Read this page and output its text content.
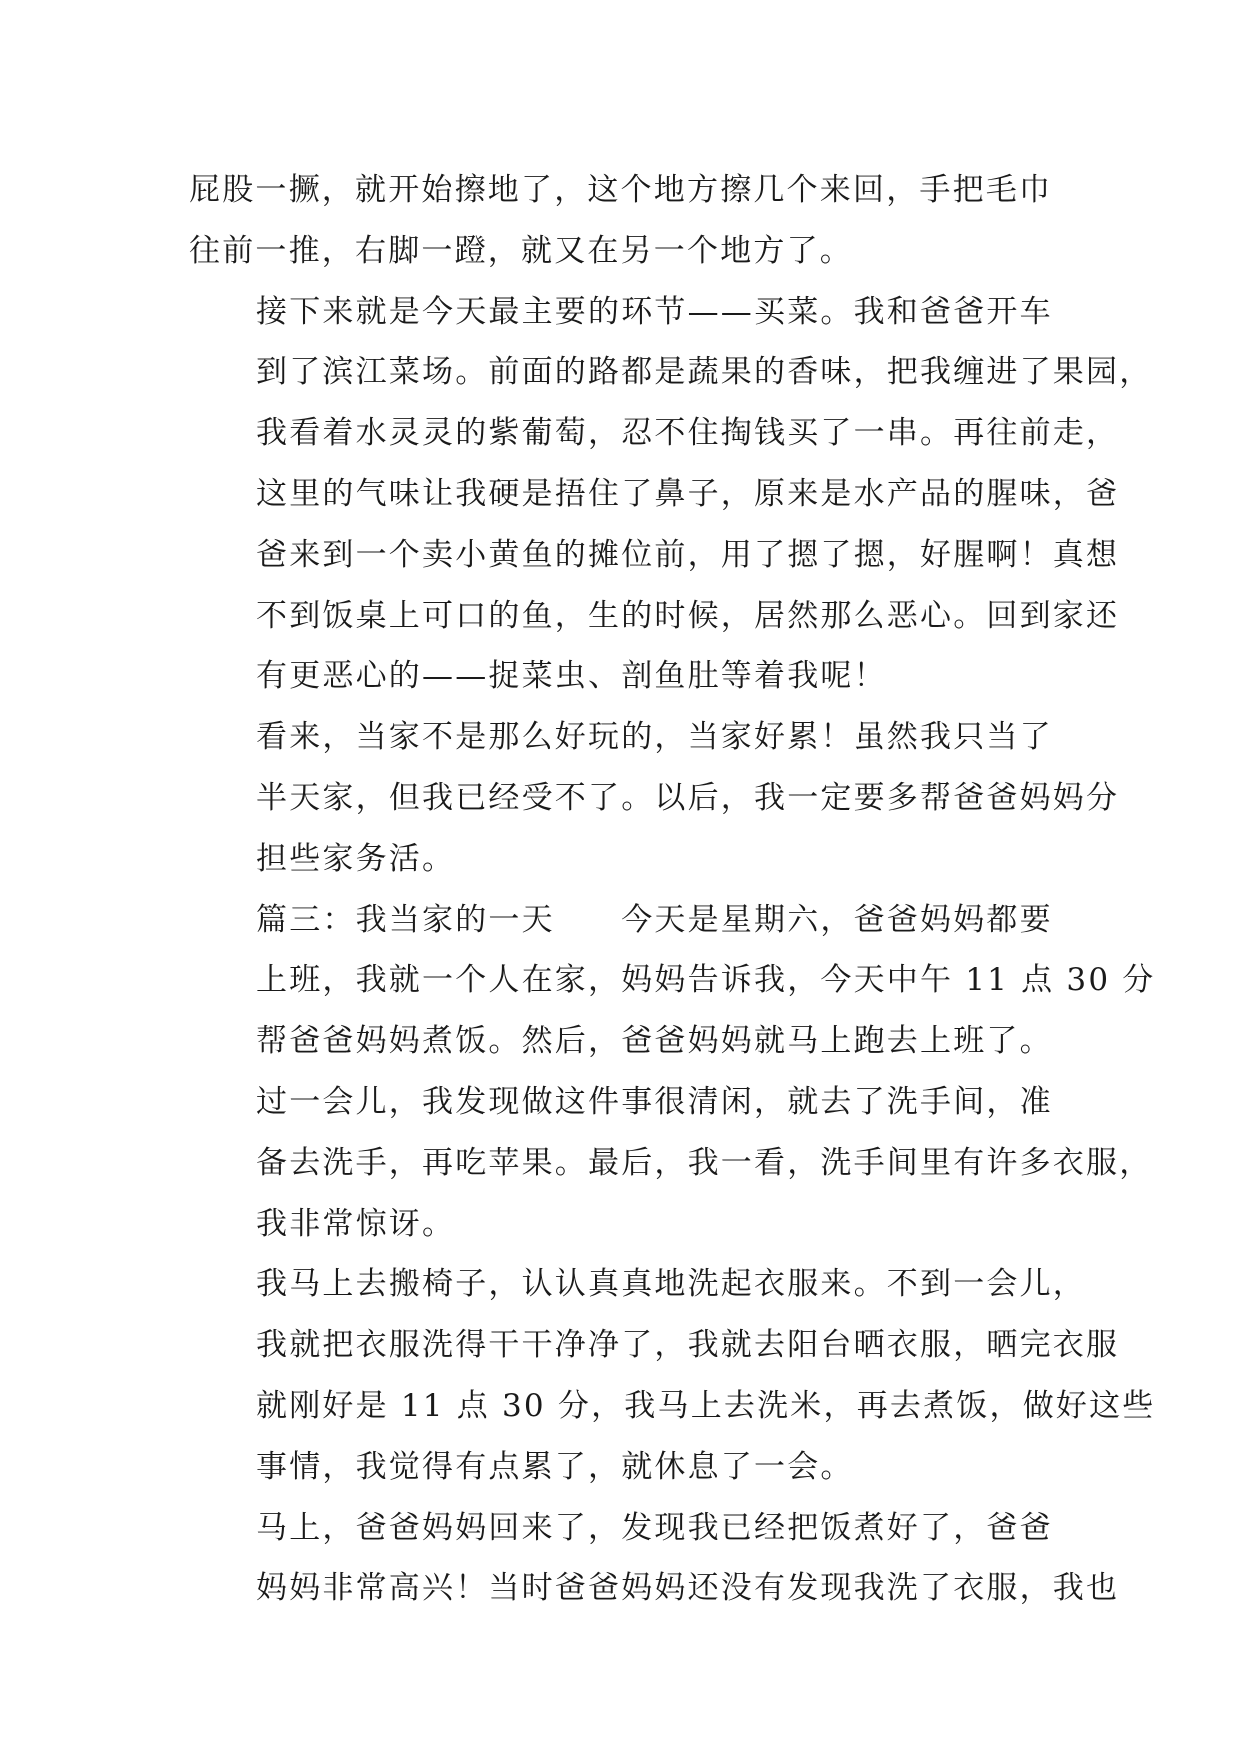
屁股一撅，就开始擦地了，这个地方擦几个来回，手把毛巾
往前一推，右脚一蹬，就又在另一个地方了。
接下来就是今天最主要的环节——买菜。我和爸爸开车
到了滨江菜场。前面的路都是蔬果的香味，把我缠进了果园，
我看着水灵灵的紫葡萄，忍不住掏钱买了一串。再往前走，
这里的气味让我硬是捂住了鼻子，原来是水产品的腥味，爸
爸来到一个卖小黄鱼的摊位前，用了摁了摁，好腥啊！真想
不到饭桌上可口的鱼，生的时候，居然那么恶心。回到家还
有更恶心的——捉菜虫、剖鱼肚等着我呢！
看来，当家不是那么好玩的，当家好累！虽然我只当了
半天家，但我已经受不了。以后，我一定要多帮爸爸妈妈分
担些家务活。
篇三：我当家的一天　　今天是星期六，爸爸妈妈都要
上班，我就一个人在家，妈妈告诉我，今天中午 11 点 30 分
帮爸爸妈妈煮饭。然后，爸爸妈妈就马上跑去上班了。
过一会儿，我发现做这件事很清闲，就去了洗手间，准
备去洗手，再吃苹果。最后，我一看，洗手间里有许多衣服，
我非常惊讶。
我马上去搬椅子，认认真真地洗起衣服来。不到一会儿，
我就把衣服洗得干干净净了，我就去阳台晒衣服，晒完衣服
就刚好是 11 点 30 分，我马上去洗米，再去煮饭，做好这些
事情，我觉得有点累了，就休息了一会。
马上，爸爸妈妈回来了，发现我已经把饭煮好了，爸爸
妈妈非常高兴！当时爸爸妈妈还没有发现我洗了衣服，我也
